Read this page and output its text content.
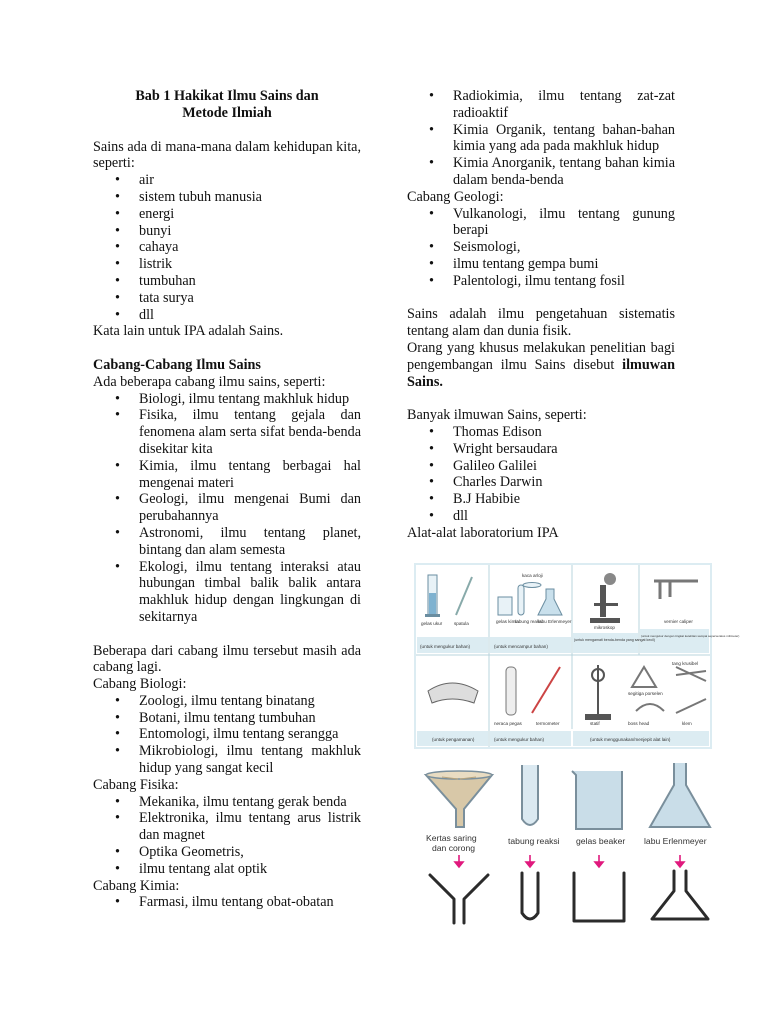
Bab 1 Hakikat Ilmu Sains dan
Metode Ilmiah

Sains ada di mana-mana dalam kehidupan kita, seperti:

• air
• sistem tubuh manusia
• energi
• bunyi
• cahaya
• listrik
• tumbuhan
• tata surya
• dll

Kata lain untuk IPA adalah Sains.

Cabang-Cabang Ilmu Sains

Ada beberapa cabang ilmu sains, seperti:

• Biologi, ilmu tentang makhluk hidup
• Fisika, ilmu tentang gejala dan fenomena alam serta sifat benda-benda disekitar kita
• Kimia, ilmu tentang berbagai hal mengenai materi
• Geologi, ilmu mengenai Bumi dan perubahannya
• Astronomi, ilmu tentang planet, bintang dan alam semesta
• Ekologi, ilmu tentang interaksi atau hubungan timbal balik balik antara makhluk hidup dengan lingkungan di sekitarnya

Beberapa dari cabang ilmu tersebut masih ada cabang lagi.

Cabang Biologi:

• Zoologi, ilmu tentang binatang
• Botani, ilmu tentang tumbuhan
• Entomologi, ilmu tentang serangga
• Mikrobiologi, ilmu tentang makhluk hidup yang sangat kecil

Cabang Fisika:

• Mekanika, ilmu tentang gerak benda
• Elektronika, ilmu tentang arus listrik dan magnet
• Optika Geometris,
• ilmu tentang alat optik

Cabang Kimia:

• Farmasi, ilmu tentang obat-obatan
• Radiokimia, ilmu tentang zat-zat radioaktif
• Kimia Organik, tentang bahan-bahan kimia yang ada pada makhluk hidup
• Kimia Anorganik, tentang bahan kimia dalam benda-benda

Cabang Geologi:

• Vulkanologi, ilmu tentang gunung berapi
• Seismologi,
• ilmu tentang gempa bumi
• Palentologi, ilmu tentang fosil

Sains adalah ilmu pengetahuan sistematis tentang alam dan dunia fisik.

Orang yang khusus melakukan penelitian bagi pengembangan ilmu Sains disebut ilmuwan Sains.

Banyak ilmuwan Sains, seperti:

• Thomas Edison
• Wright bersaudara
• Galileo Galilei
• Charles Darwin
• B.J Habibie
• dll

Alat-alat laboratorium IPA

gelas ukur	spatula
(untuk mengukur bahan)
kaca arloji
gelas kimia
tabung reaksi
labu Erlenmeyer
(untuk mencampur bahan)
mikroskop
(untuk mengamati benda-benda yang sangat kecil)
vernier caliper
(untuk mengukur dengan tingkat ketelitian sampai seperseratus milimeter)
(untuk pengamanan)
neraca pegas	termometer
(untuk mengukur bahan)
statif	boss head
segitiga porselen
klem
tang krusibel
(untuk menggunakan/menjepit alat lain)
Kertas saring
dan corong
tabung reaksi gelas beaker labu Erlenmeyer
